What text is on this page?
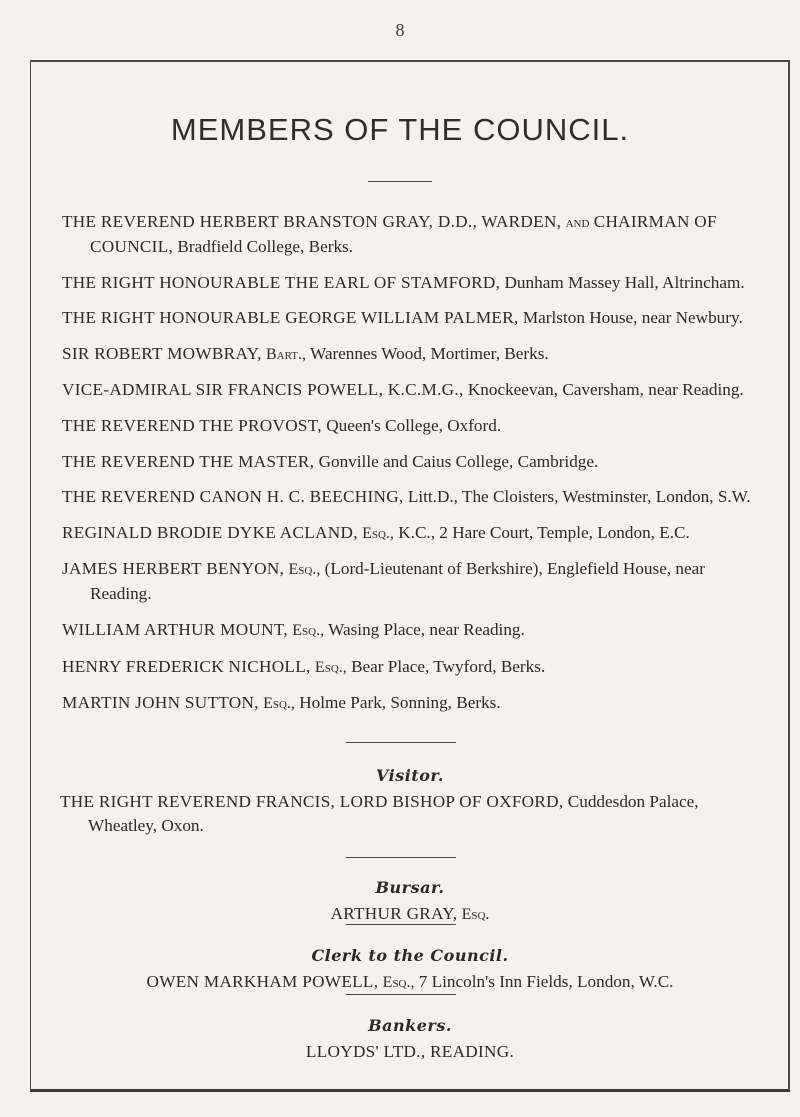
8
MEMBERS OF THE COUNCIL.
THE REVEREND HERBERT BRANSTON GRAY, D.D., WARDEN, and CHAIRMAN OF COUNCIL, Bradfield College, Berks.
THE RIGHT HONOURABLE THE EARL OF STAMFORD, Dunham Massey Hall, Altrincham.
THE RIGHT HONOURABLE GEORGE WILLIAM PALMER, Marlston House, near Newbury.
SIR ROBERT MOWBRAY, Bart., Warennes Wood, Mortimer, Berks.
VICE-ADMIRAL SIR FRANCIS POWELL, K.C.M.G., Knockeevan, Caversham, near Reading.
THE REVEREND THE PROVOST, Queen's College, Oxford.
THE REVEREND THE MASTER, Gonville and Caius College, Cambridge.
THE REVEREND CANON H. C. BEECHING, Litt.D., The Cloisters, Westminster, London, S.W.
REGINALD BRODIE DYKE ACLAND, Esq., K.C., 2 Hare Court, Temple, London, E.C.
JAMES HERBERT BENYON, Esq., (Lord-Lieutenant of Berkshire), Englefield House, near Reading.
WILLIAM ARTHUR MOUNT, Esq., Wasing Place, near Reading.
HENRY FREDERICK NICHOLL, Esq., Bear Place, Twyford, Berks.
MARTIN JOHN SUTTON, Esq., Holme Park, Sonning, Berks.
Visitor.
THE RIGHT REVEREND FRANCIS, LORD BISHOP OF OXFORD, Cuddesdon Palace, Wheatley, Oxon.
Bursar.
ARTHUR GRAY, Esq.
Clerk to the Council.
OWEN MARKHAM POWELL, Esq., 7 Lincoln's Inn Fields, London, W.C.
Bankers.
LLOYDS' LTD., READING.
